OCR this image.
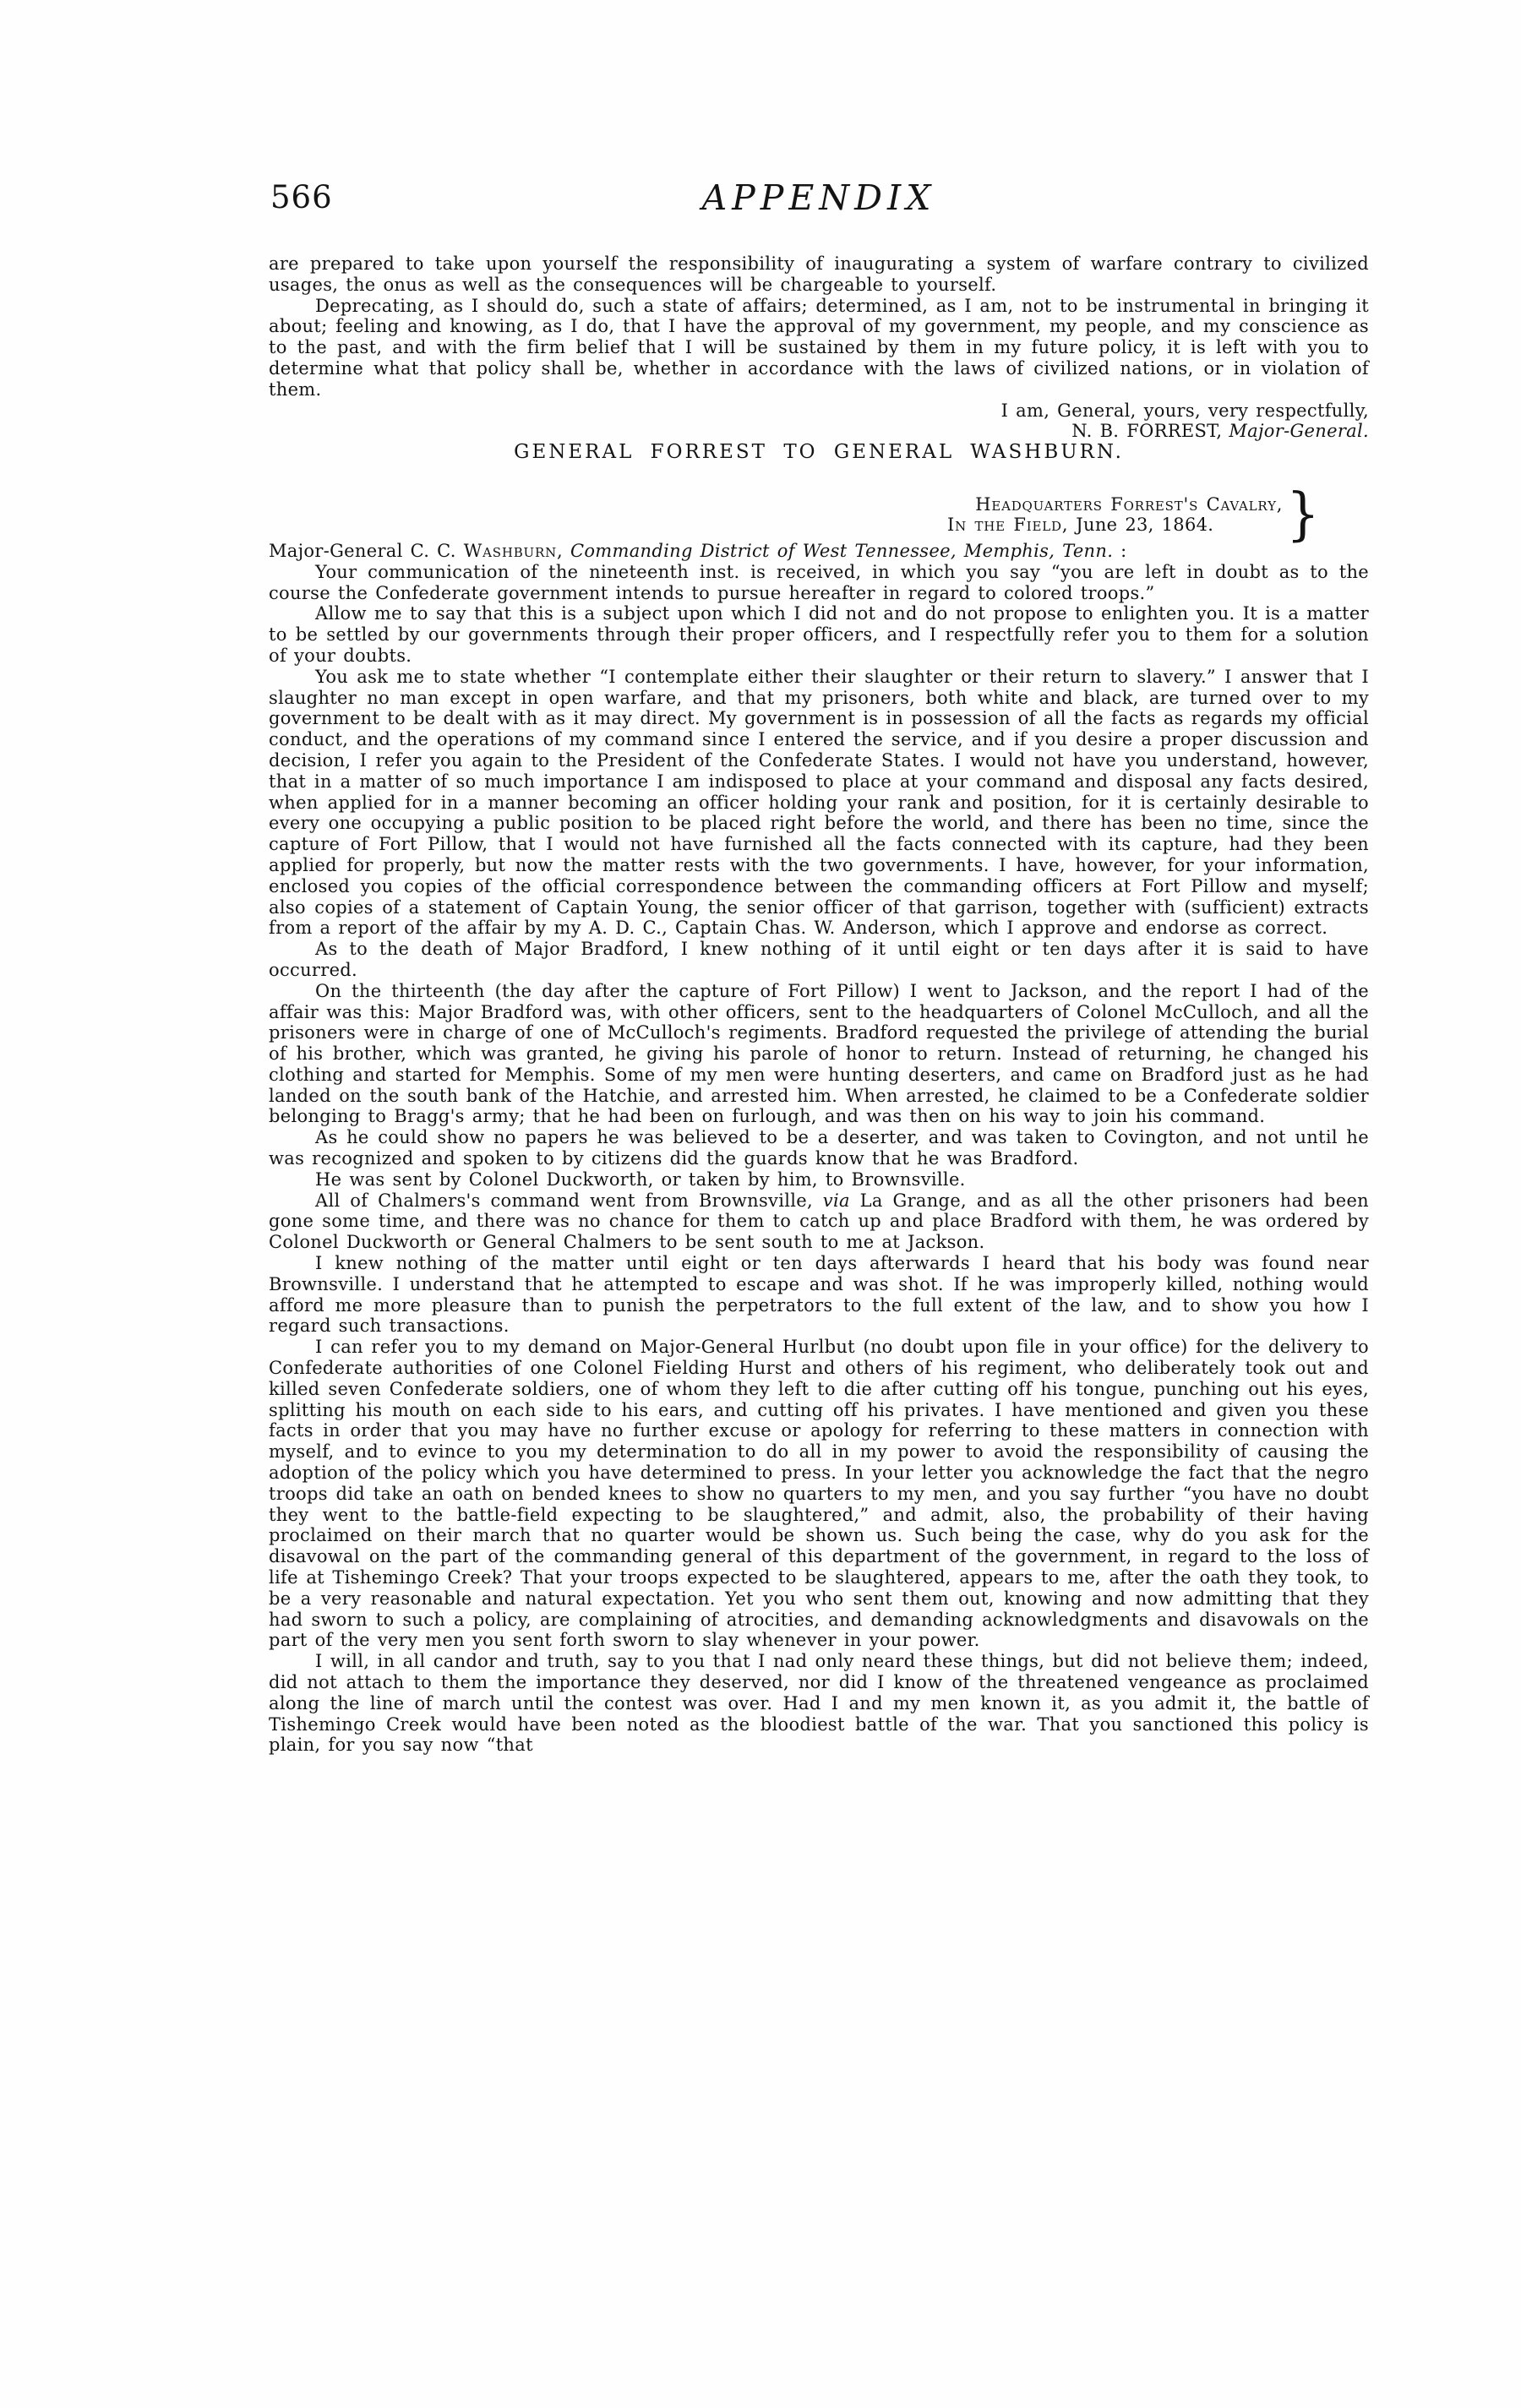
566	APPENDIX

are prepared to take upon yourself the responsibility of inaugurating a system of warfare contrary to civilized usages, the onus as well as the consequences will be chargeable to yourself.

Deprecating, as I should do, such a state of affairs; determined, as I am, not to be instrumental in bringing it about; feeling and knowing, as I do, that I have the approval of my government, my people, and my conscience as to the past, and with the firm belief that I will be sustained by them in my future policy, it is left with you to determine what that policy shall be, whether in accordance with the laws of civilized nations, or in violation of them.

I am, General, yours, very respectfully,

N. B. FORREST, Major-General.

GENERAL FORREST TO GENERAL WASHBURN.

Headquarters Forrest's Cavalry,
In the Field, June 23, 1864.	}

Major-General C. C. Washburn, Commanding District of West Tennessee, Memphis, Tenn. :

Your communication of the nineteenth inst. is received, in which you say “you are left in doubt as to the course the Confederate government intends to pursue hereafter in regard to colored troops.”

Allow me to say that this is a subject upon which I did not and do not propose to enlighten you. It is a matter to be settled by our governments through their proper officers, and I respectfully refer you to them for a solution of your doubts.

You ask me to state whether “I contemplate either their slaughter or their return to slavery.” I answer that I slaughter no man except in open warfare, and that my prisoners, both white and black, are turned over to my government to be dealt with as it may direct. My government is in possession of all the facts as regards my official conduct, and the operations of my command since I entered the service, and if you desire a proper discussion and decision, I refer you again to the President of the Confederate States. I would not have you understand, however, that in a matter of so much importance I am indisposed to place at your command and disposal any facts desired, when applied for in a manner becoming an officer holding your rank and position, for it is certainly desirable to every one occupying a public position to be placed right before the world, and there has been no time, since the capture of Fort Pillow, that I would not have furnished all the facts connected with its capture, had they been applied for properly, but now the matter rests with the two governments. I have, however, for your information, enclosed you copies of the official correspondence between the commanding officers at Fort Pillow and myself; also copies of a statement of Captain Young, the senior officer of that garrison, together with (sufficient) extracts from a report of the affair by my A. D. C., Captain Chas. W. Anderson, which I approve and endorse as correct.

As to the death of Major Bradford, I knew nothing of it until eight or ten days after it is said to have occurred.

On the thirteenth (the day after the capture of Fort Pillow) I went to Jackson, and the report I had of the affair was this: Major Bradford was, with other officers, sent to the headquarters of Colonel McCulloch, and all the prisoners were in charge of one of McCulloch's regiments. Bradford requested the privilege of attending the burial of his brother, which was granted, he giving his parole of honor to return. Instead of returning, he changed his clothing and started for Memphis. Some of my men were hunting deserters, and came on Bradford just as he had landed on the south bank of the Hatchie, and arrested him. When arrested, he claimed to be a Confederate soldier belonging to Bragg's army; that he had been on furlough, and was then on his way to join his command.

As he could show no papers he was believed to be a deserter, and was taken to Covington, and not until he was recognized and spoken to by citizens did the guards know that he was Bradford.

He was sent by Colonel Duckworth, or taken by him, to Brownsville.

All of Chalmers's command went from Brownsville, via La Grange, and as all the other prisoners had been gone some time, and there was no chance for them to catch up and place Bradford with them, he was ordered by Colonel Duckworth or General Chalmers to be sent south to me at Jackson.

I knew nothing of the matter until eight or ten days afterwards I heard that his body was found near Brownsville. I understand that he attempted to escape and was shot. If he was improperly killed, nothing would afford me more pleasure than to punish the perpetrators to the full extent of the law, and to show you how I regard such transactions.

I can refer you to my demand on Major-General Hurlbut (no doubt upon file in your office) for the delivery to Confederate authorities of one Colonel Fielding Hurst and others of his regiment, who deliberately took out and killed seven Confederate soldiers, one of whom they left to die after cutting off his tongue, punching out his eyes, splitting his mouth on each side to his ears, and cutting off his privates. I have mentioned and given you these facts in order that you may have no further excuse or apology for referring to these matters in connection with myself, and to evince to you my determination to do all in my power to avoid the responsibility of causing the adoption of the policy which you have determined to press. In your letter you acknowledge the fact that the negro troops did take an oath on bended knees to show no quarters to my men, and you say further “you have no doubt they went to the battle-field expecting to be slaughtered,” and admit, also, the probability of their having proclaimed on their march that no quarter would be shown us. Such being the case, why do you ask for the disavowal on the part of the commanding general of this department of the government, in regard to the loss of life at Tishemingo Creek? That your troops expected to be slaughtered, appears to me, after the oath they took, to be a very reasonable and natural expectation. Yet you who sent them out, knowing and now admitting that they had sworn to such a policy, are complaining of atrocities, and demanding acknowledgments and disavowals on the part of the very men you sent forth sworn to slay whenever in your power.

I will, in all candor and truth, say to you that I nad only neard these things, but did not believe them; indeed, did not attach to them the importance they deserved, nor did I know of the threatened vengeance as proclaimed along the line of march until the contest was over. Had I and my men known it, as you admit it, the battle of Tishemingo Creek would have been noted as the bloodiest battle of the war. That you sanctioned this policy is plain, for you say now “that
